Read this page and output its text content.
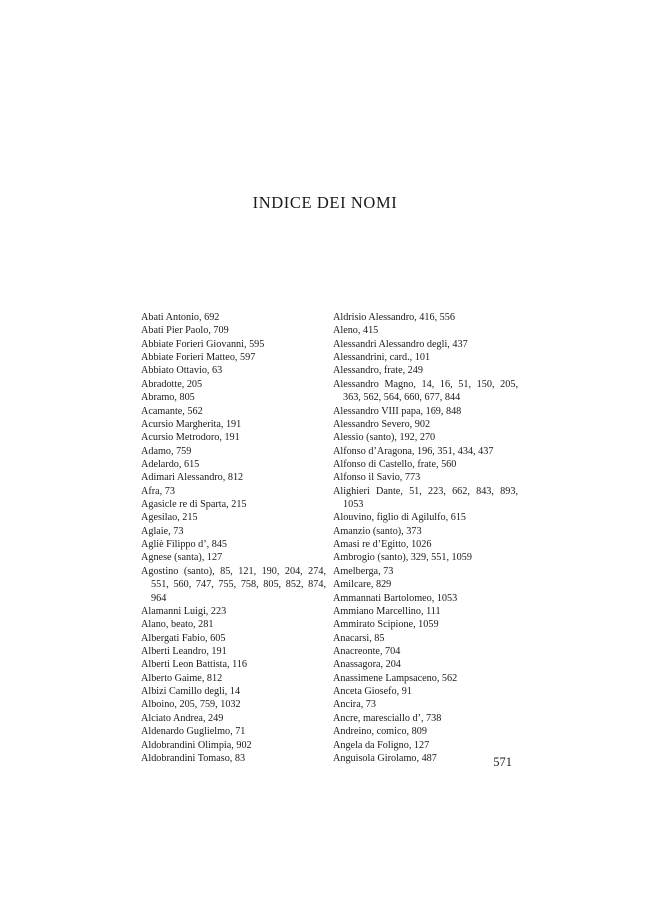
INDICE DEI NOMI
Abati Antonio, 692
Abati Pier Paolo, 709
Abbiate Forieri Giovanni, 595
Abbiate Forieri Matteo, 597
Abbiato Ottavio, 63
Abradotte, 205
Abramo, 805
Acamante, 562
Acursio Margherita, 191
Acursio Metrodoro, 191
Adamo, 759
Adelardo, 615
Adimari Alessandro, 812
Afra, 73
Agasicle re di Sparta, 215
Agesilao, 215
Aglaie, 73
Agliè Filippo d’, 845
Agnese (santa), 127
Agostino (santo), 85, 121, 190, 204, 274, 551, 560, 747, 755, 758, 805, 852, 874, 964
Alamanni Luigi, 223
Alano, beato, 281
Albergati Fabio, 605
Alberti Leandro, 191
Alberti Leon Battista, 116
Alberto Gaime, 812
Albizi Camillo degli, 14
Alboino, 205, 759, 1032
Alciato Andrea, 249
Aldenardo Guglielmo, 71
Aldobrandini Olimpia, 902
Aldobrandini Tomaso, 83
Aldrisio Alessandro, 416, 556
Aleno, 415
Alessandri Alessandro degli, 437
Alessandrini, card., 101
Alessandro, frate, 249
Alessandro Magno, 14, 16, 51, 150, 205, 363, 562, 564, 660, 677, 844
Alessandro VIII papa, 169, 848
Alessandro Severo, 902
Alessio (santo), 192, 270
Alfonso d’Aragona, 196, 351, 434, 437
Alfonso di Castello, frate, 560
Alfonso il Savio, 773
Alighieri Dante, 51, 223, 662, 843, 893, 1053
Alouvino, figlio di Agilulfo, 615
Amanzio (santo), 373
Amasi re d’Egitto, 1026
Ambrogio (santo), 329, 551, 1059
Amelberga, 73
Amilcare, 829
Ammannati Bartolomeo, 1053
Ammiano Marcellino, 111
Ammirato Scipione, 1059
Anacarsi, 85
Anacreonte, 704
Anassagora, 204
Anassimene Lampsaceno, 562
Anceta Giosefo, 91
Ancira, 73
Ancre, maresciallo d’, 738
Andreino, comico, 809
Angela da Foligno, 127
Anguisola Girolamo, 487	571
